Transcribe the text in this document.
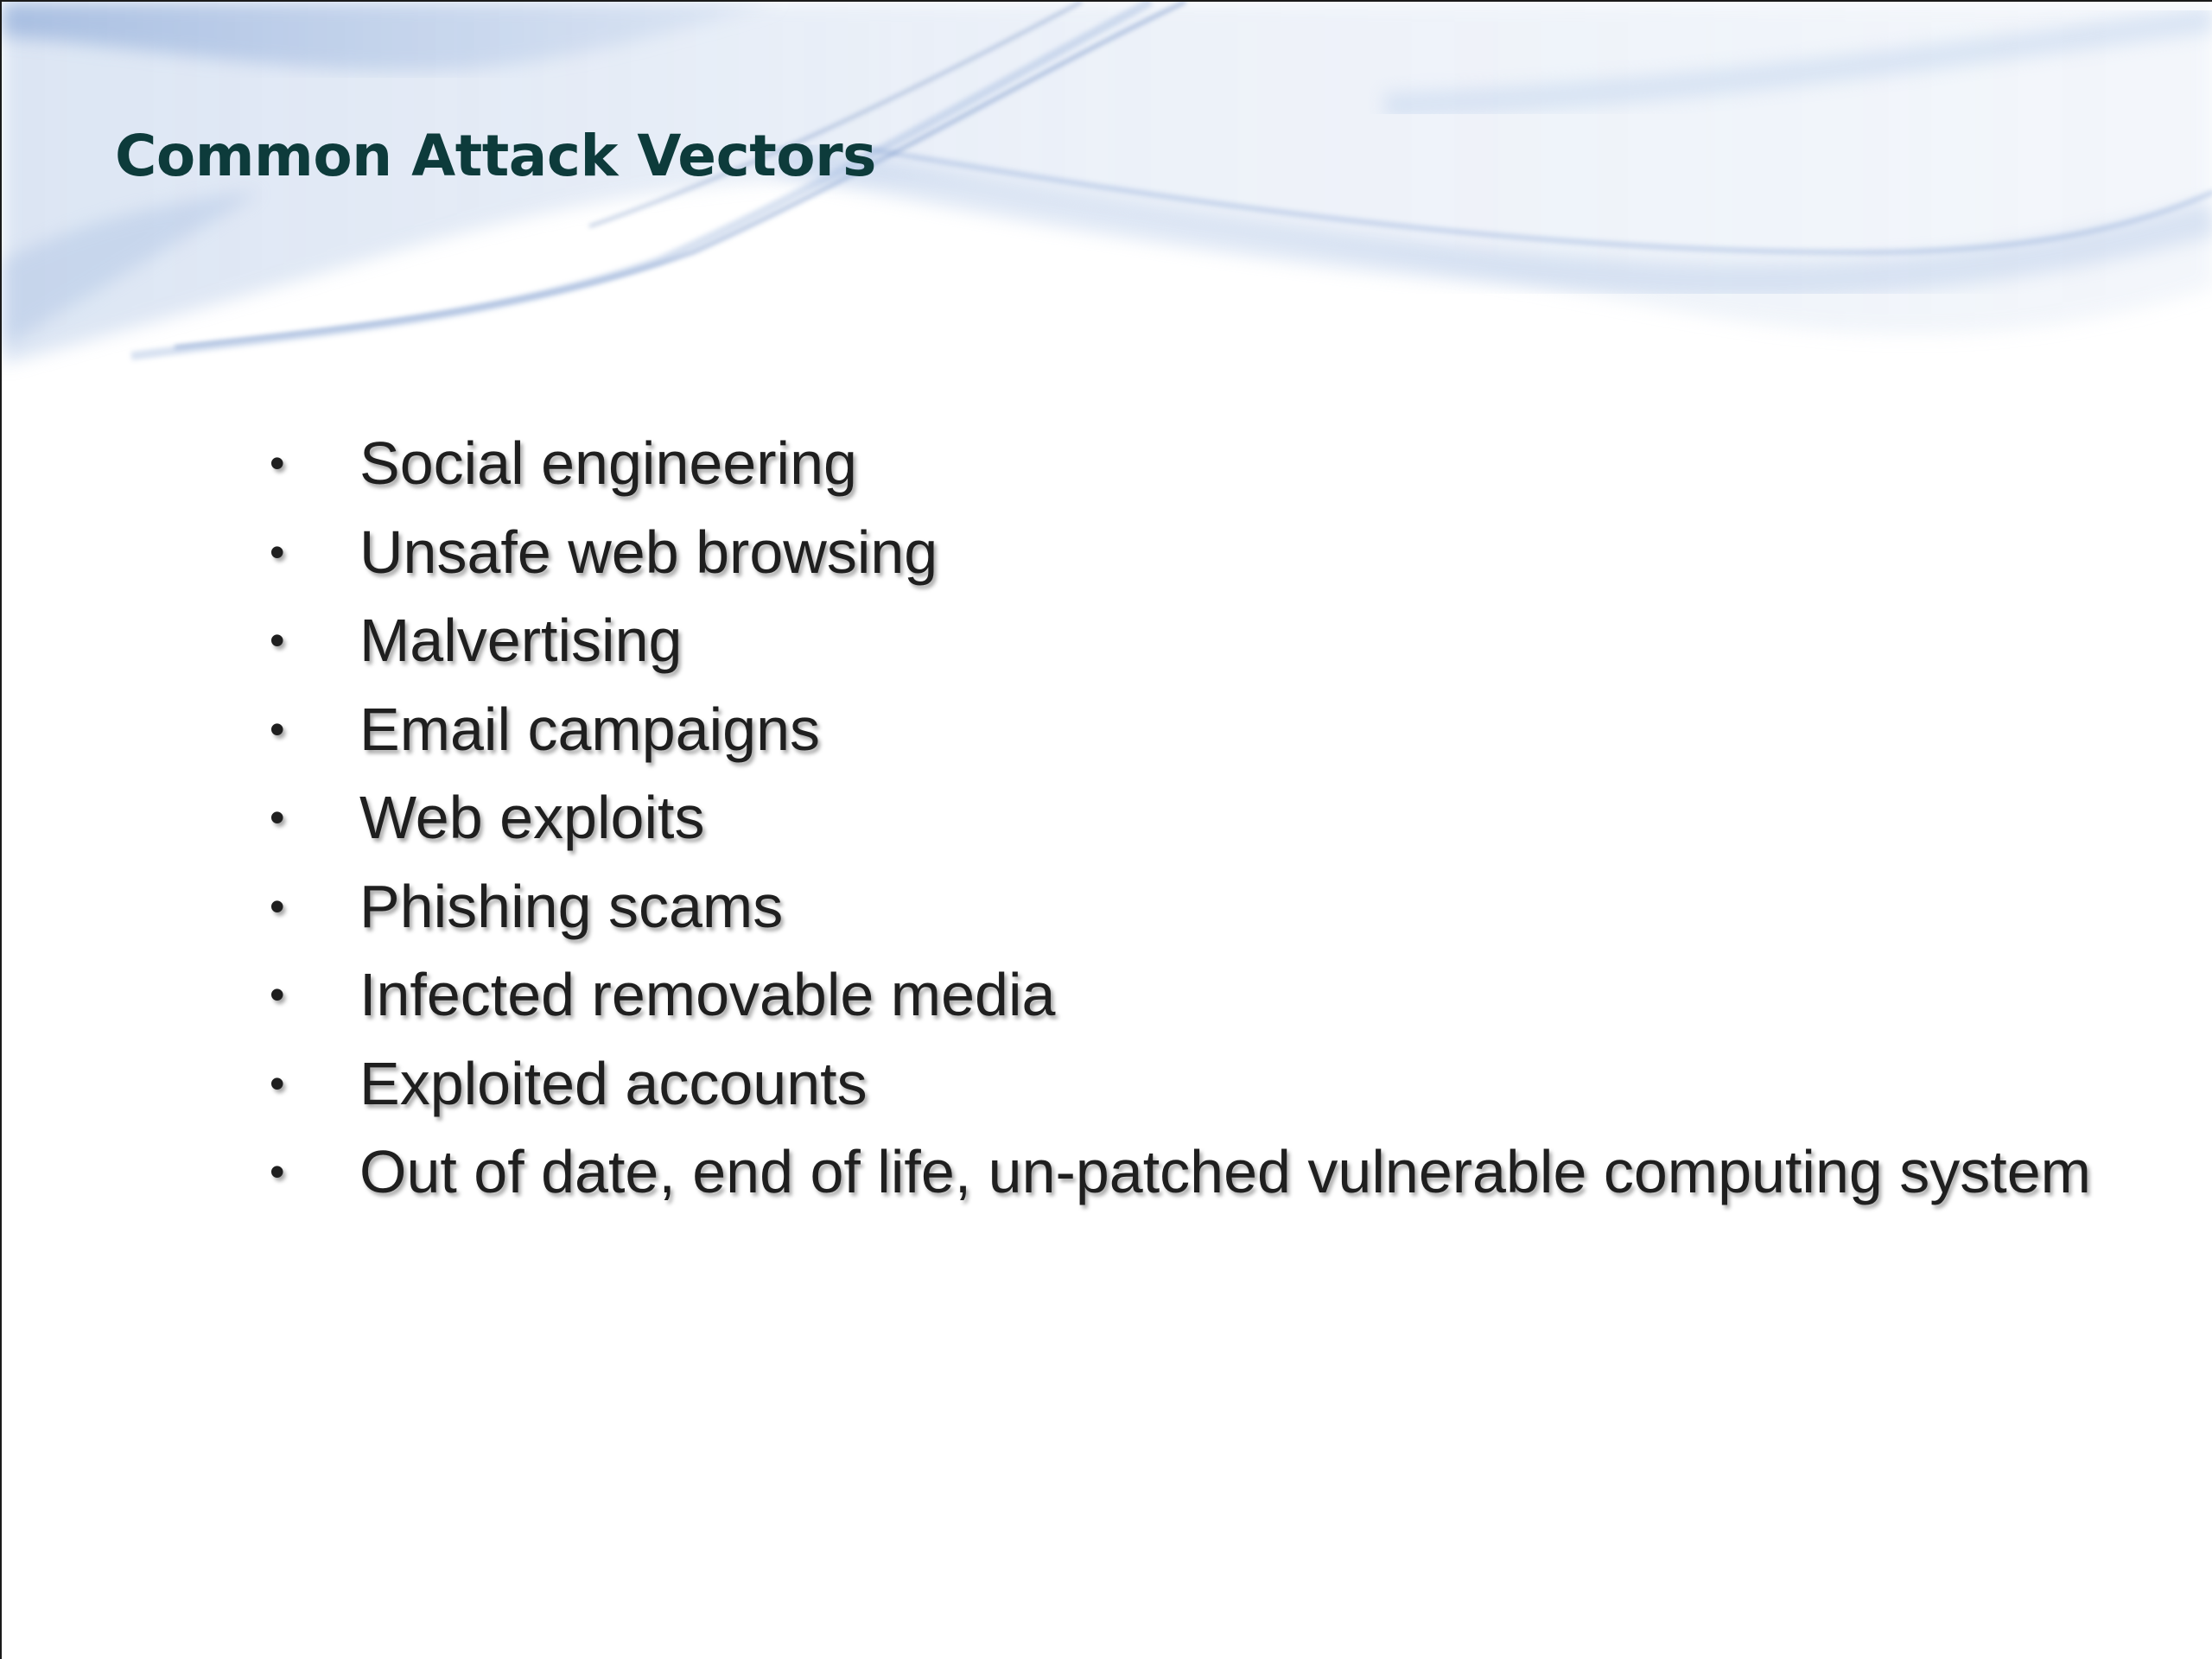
Common Attack Vectors
•	Social engineering
•	Unsafe web browsing
•	Malvertising
•	Email campaigns
•	Web exploits
•	Phishing scams
•	Infected removable media
•	Exploited accounts
•	Out of date, end of life, un-patched vulnerable computing system
